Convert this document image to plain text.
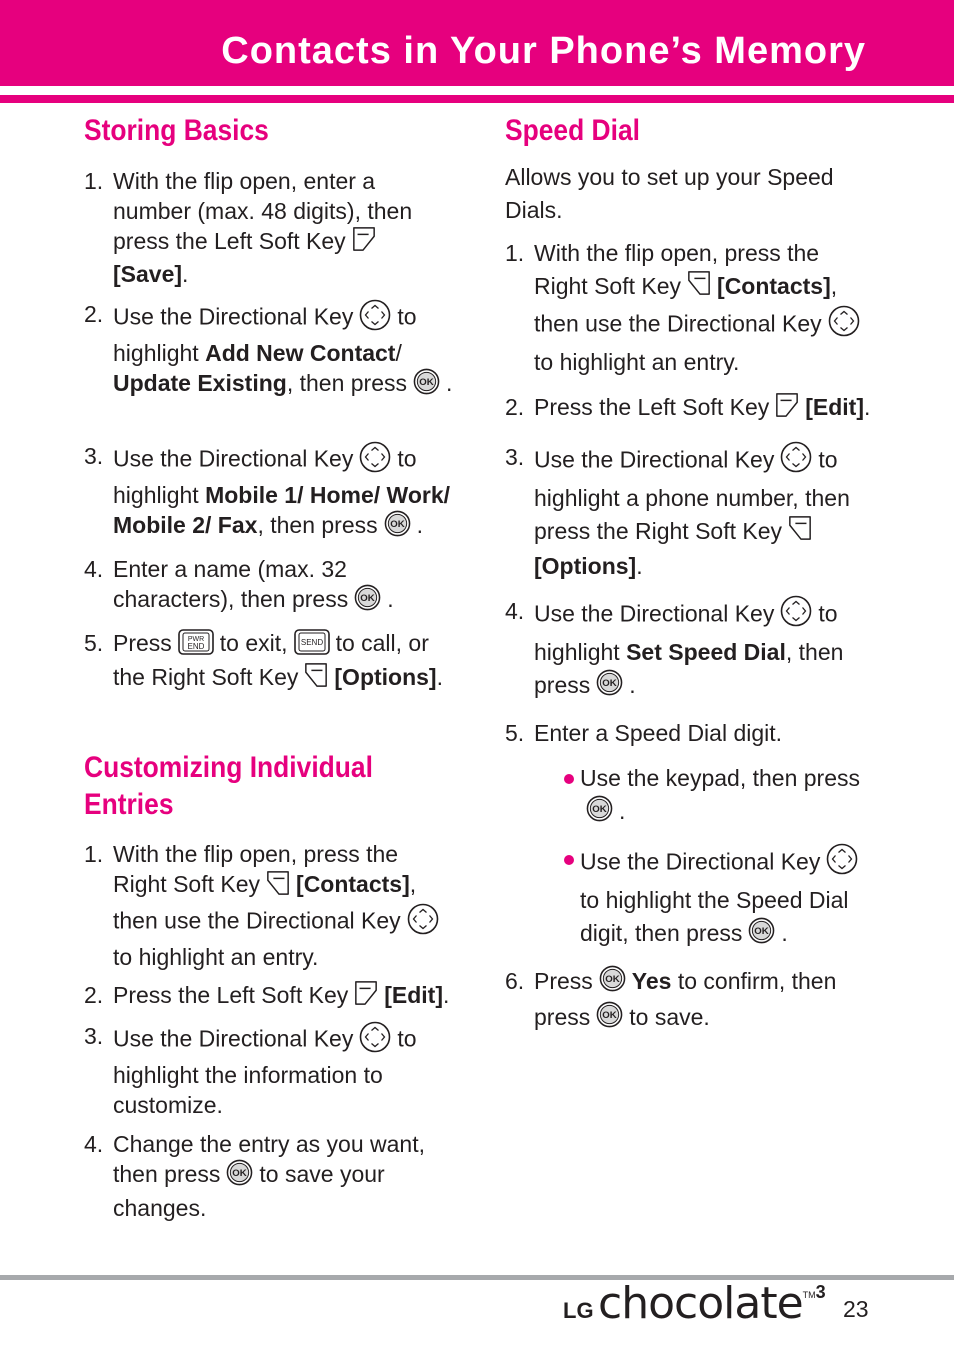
Contacts in Your Phone’s Memory
Storing Basics
1. With the flip open, enter a number (max. 48 digits), then press the Left Soft Key[Save].
2. Use the Directional Key to highlight Add New Contact/ Update Existing, then press .
3. Use the Directional Key to highlight Mobile 1/ Home/ Work/ Mobile 2/ Fax, then press .
4. Enter a name (max. 32 characters), then press .
5. Press PWR
END to exit, SEND to call, or the Right Soft Key [Options].
Customizing Individual
Entries
1. With the flip open, press the Right Soft Key [Contacts], then use the Directional Keyto highlight an entry.
2. Press the Left Soft Key [Edit].
3. Use the Directional Key to highlight the information to customize.
4. Change the entry as you want, then press to save your changes.
Speed Dial

Allows you to set up your Speed Dials.

1. With the flip open, press the Right Soft Key [Contacts], then use the Directional Keyto highlight an entry.
2. Press the Left Soft Key [Edit].
3. Use the Directional Key to highlight a phone number, then press the Right Soft Key[Options].
4. Use the Directional Key to highlight Set Speed Dial, then press .
5. Enter a Speed Dial digit.
Use the keypad, then press
.
Use the Directional Keyto highlight the Speed Dial digit, then press .
6. Press Yes to confirm, then press to save.
LG chocolate™3
23
